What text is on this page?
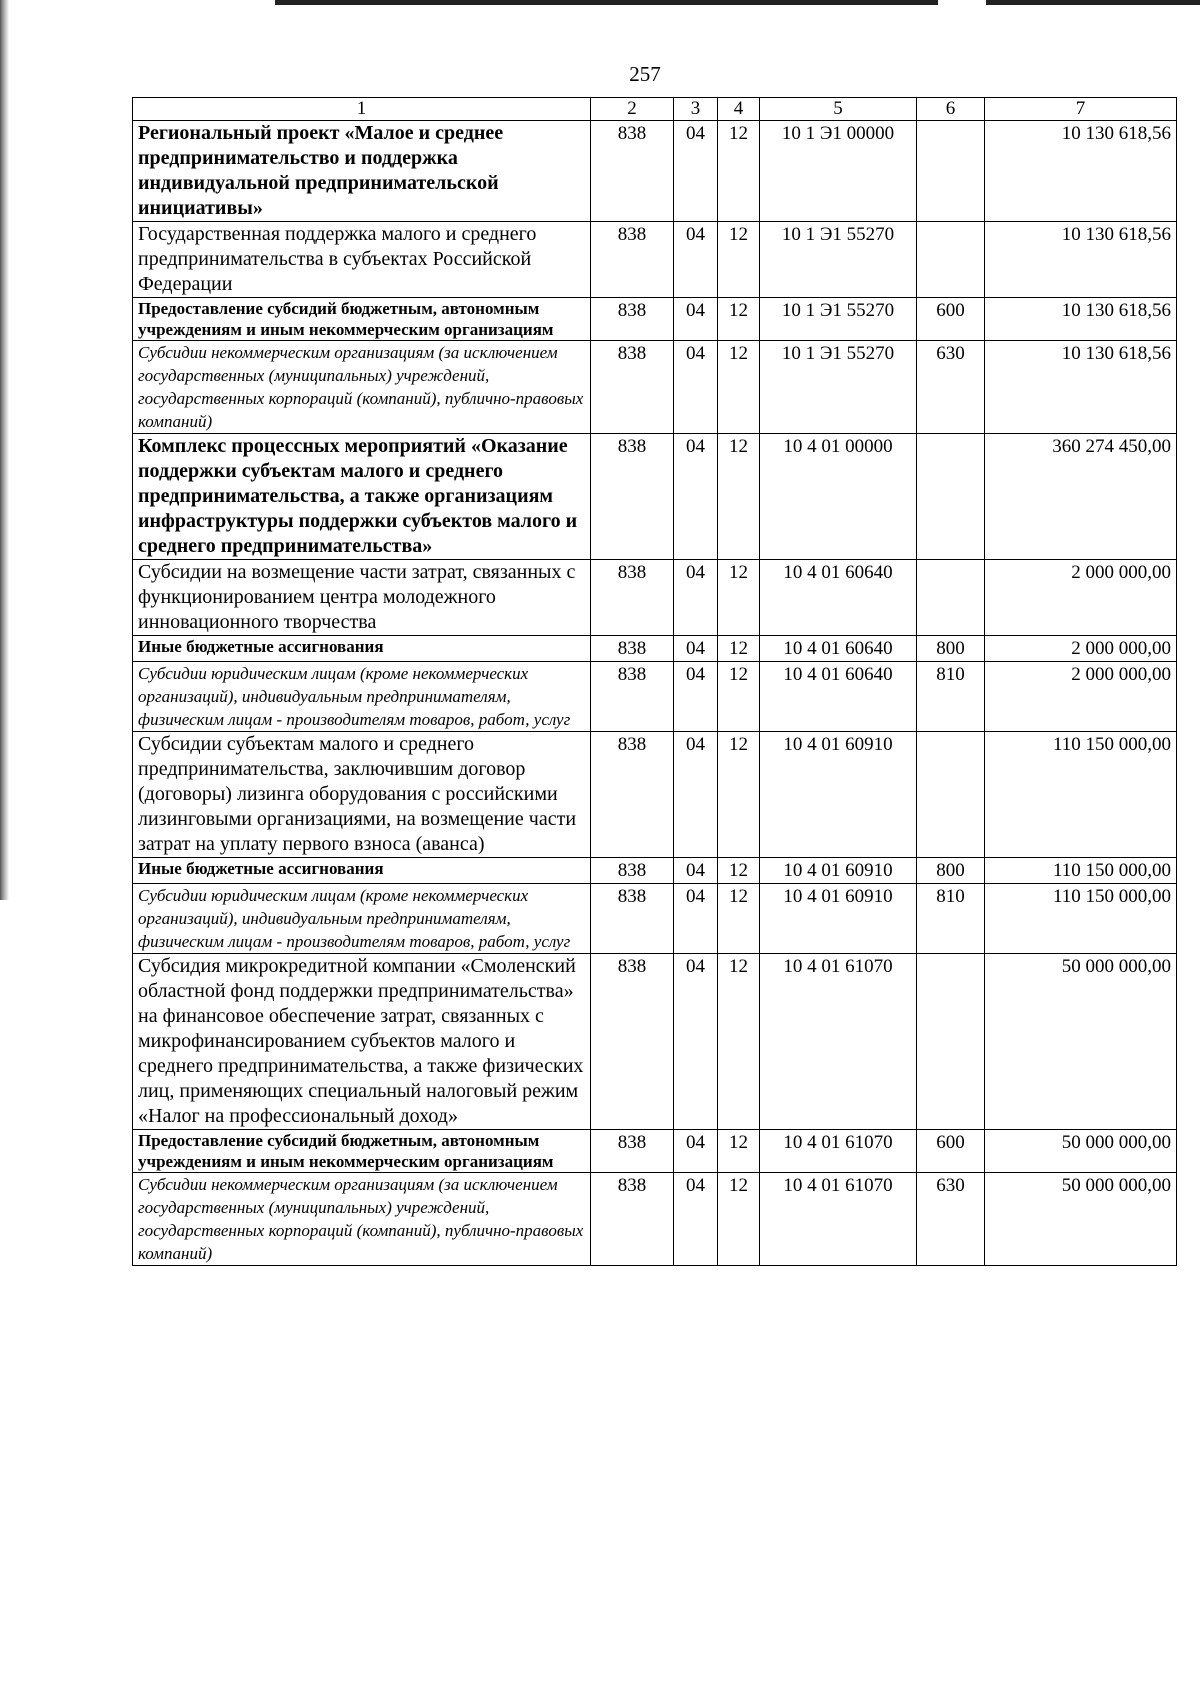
257
1	2	3	4	5	6	7
Региональный проект «Малое и среднее предпринимательство и поддержка индивидуальной предпринимательской инициативы»	838	04	12	10 1 Э1 00000		10 130 618,56
Государственная поддержка малого и среднего предпринимательства в субъектах Российской Федерации	838	04	12	10 1 Э1 55270		10 130 618,56
Предоставление субсидий бюджетным, автономным учреждениям и иным некоммерческим организациям	838	04	12	10 1 Э1 55270	600	10 130 618,56
Субсидии некоммерческим организациям (за исключением государственных (муниципальных) учреждений, государственных корпораций (компаний), публично-правовых компаний)	838	04	12	10 1 Э1 55270	630	10 130 618,56
Комплекс процессных мероприятий «Оказание поддержки субъектам малого и среднего предпринимательства, а также организациям инфраструктуры поддержки субъектов малого и среднего предпринимательства»	838	04	12	10 4 01 00000		360 274 450,00
Субсидии на возмещение части затрат, связанных с функционированием центра молодежного инновационного творчества	838	04	12	10 4 01 60640		2 000 000,00
Иные бюджетные ассигнования	838	04	12	10 4 01 60640	800	2 000 000,00
Субсидии юридическим лицам (кроме некоммерческих организаций), индивидуальным предпринимателям, физическим лицам - производителям товаров, работ, услуг	838	04	12	10 4 01 60640	810	2 000 000,00
Субсидии субъектам малого и среднего предпринимательства, заключившим договор (договоры) лизинга оборудования с российскими лизинговыми организациями, на возмещение части затрат на уплату первого взноса (аванса)	838	04	12	10 4 01 60910		110 150 000,00
Иные бюджетные ассигнования	838	04	12	10 4 01 60910	800	110 150 000,00
Субсидии юридическим лицам (кроме некоммерческих организаций), индивидуальным предпринимателям, физическим лицам - производителям товаров, работ, услуг	838	04	12	10 4 01 60910	810	110 150 000,00
Субсидия микрокредитной компании «Смоленский областной фонд поддержки предпринимательства» на финансовое обеспечение затрат, связанных с микрофинансированием субъектов малого и среднего предпринимательства, а также физических лиц, применяющих специальный налоговый режим «Налог на профессиональный доход»	838	04	12	10 4 01 61070		50 000 000,00
Предоставление субсидий бюджетным, автономным учреждениям и иным некоммерческим организациям	838	04	12	10 4 01 61070	600	50 000 000,00
Субсидии некоммерческим организациям (за исключением государственных (муниципальных) учреждений, государственных корпораций (компаний), публично-правовых компаний)	838	04	12	10 4 01 61070	630	50 000 000,00
